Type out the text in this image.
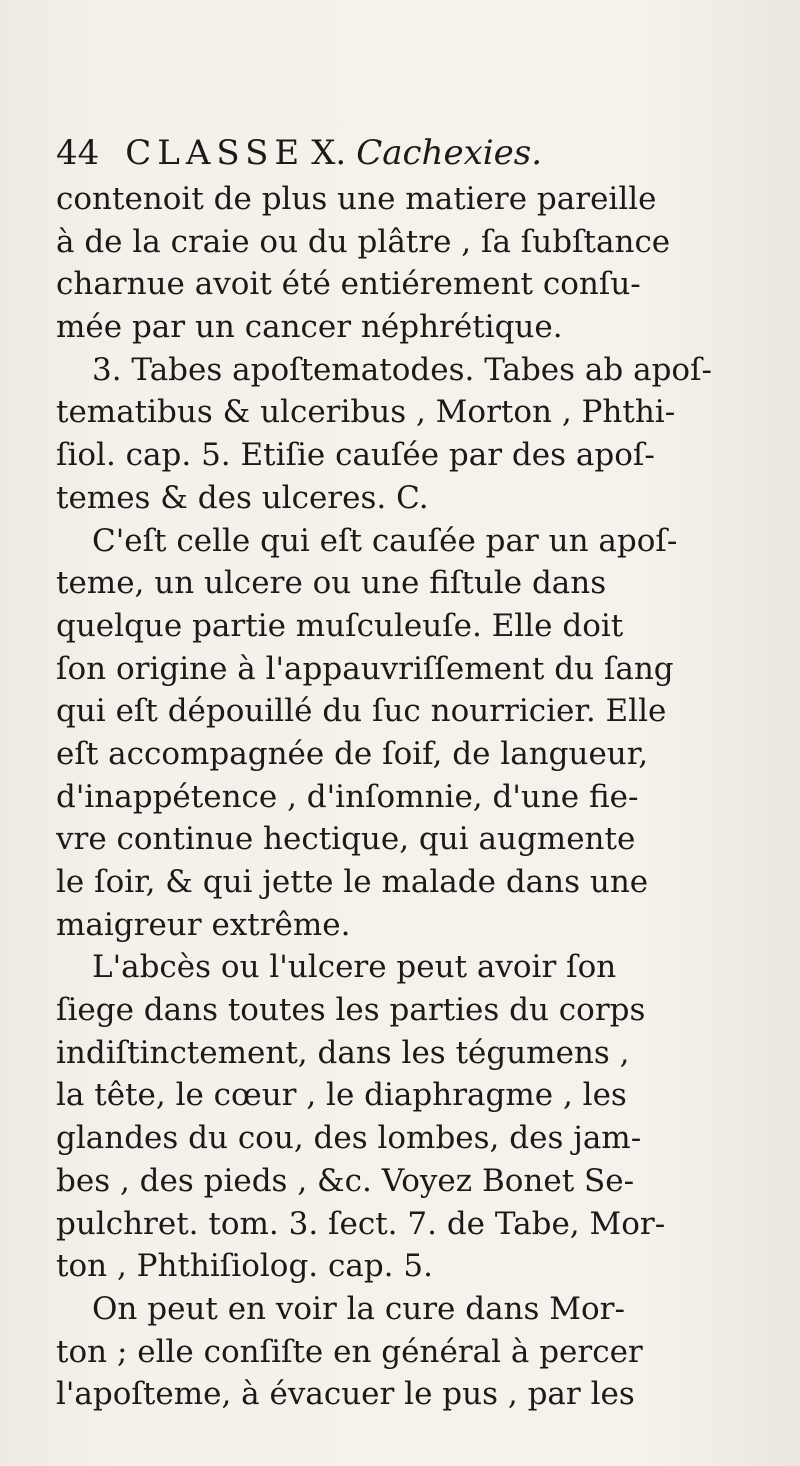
44 CLASSE X. Cachexies.
contenoit de plus une matiere pareille
à de la craie ou du plâtre , ſa ſubſtance
charnue avoit été entiérement conſu-
mée par un cancer néphrétique.
3. Tabes apoſtematodes. Tabes ab apoſ-
tematibus & ulceribus , Morton , Phthi-
ſiol. cap. 5. Etiſie cauſée par des apoſ-
temes & des ulceres. C.
C'eſt celle qui eſt cauſée par un apoſ-
teme, un ulcere ou une fiſtule dans
quelque partie muſculeuſe. Elle doit
ſon origine à l'appauvriſſement du ſang
qui eſt dépouillé du ſuc nourricier. Elle
eſt accompagnée de ſoif, de langueur,
d'inappétence , d'inſomnie, d'une fie-
vre continue hectique, qui augmente
le ſoir, & qui jette le malade dans une
maigreur extrême.
L'abcès ou l'ulcere peut avoir ſon
ſiege dans toutes les parties du corps
indiſtinctement, dans les tégumens ,
la tête, le cœur , le diaphragme , les
glandes du cou, des lombes, des jam-
bes , des pieds , &c. Voyez Bonet Se-
pulchret. tom. 3. ſect. 7. de Tabe, Mor-
ton , Phthiſiolog. cap. 5.
On peut en voir la cure dans Mor-
ton ; elle conſiſte en général à percer
l'apoſteme, à évacuer le pus , par les
